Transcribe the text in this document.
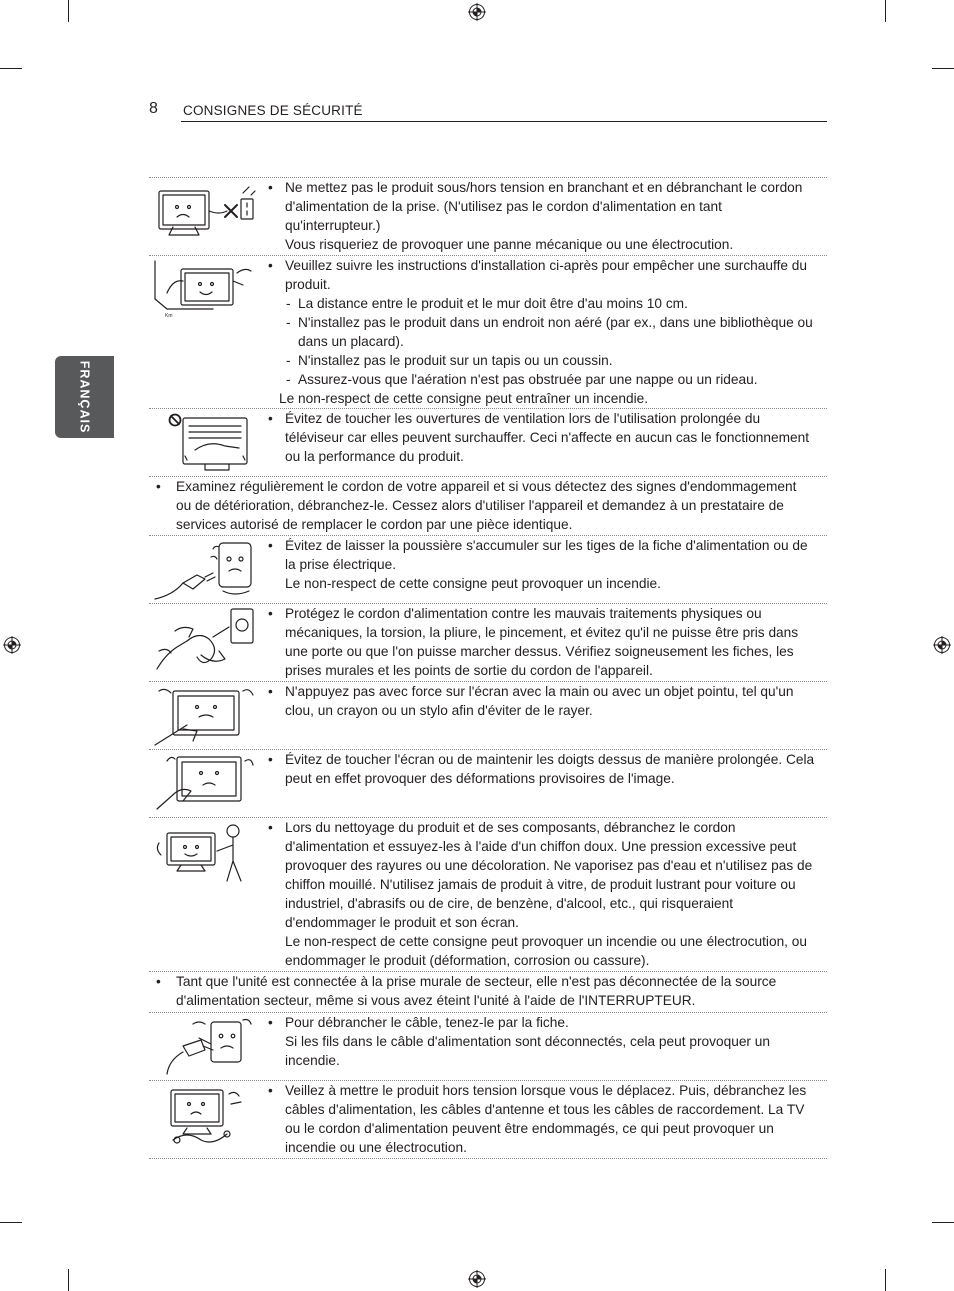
8 CONSIGNES DE SÉCURITÉ
FRANÇAIS
• Ne mettez pas le produit sous/hors tension en branchant et en débranchant le cordon d'alimentation de la prise. (N'utilisez pas le cordon d'alimentation en tant qu'interrupteur.)

Vous risqueriez de provoquer une panne mécanique ou une électrocution.

Km
• Veuillez suivre les instructions d'installation ci-après pour empêcher une surchauffe du produit.

- La distance entre le produit et le mur doit être d'au moins 10 cm.
- N'installez pas le produit dans un endroit non aéré (par ex., dans une bibliothèque ou dans un placard).
- N'installez pas le produit sur un tapis ou un coussin.
- Assurez-vous que l'aération n'est pas obstruée par une nappe ou un rideau.
Le non-respect de cette consigne peut entraîner un incendie.
• Évitez de toucher les ouvertures de ventilation lors de l'utilisation prolongée du téléviseur car elles peuvent surchauffer. Ceci n'affecte en aucun cas le fonctionnement ou la performance du produit.

•	Examinez régulièrement le cordon de votre appareil et si vous détectez des signes d'endommagement ou de détérioration, débranchez-le. Cessez alors d'utiliser l'appareil et demandez à un prestataire de services autorisé de remplacer le cordon par une pièce identique.

• Évitez de laisser la poussière s'accumuler sur les tiges de la fiche d'alimentation ou de la prise électrique.

Le non-respect de cette consigne peut provoquer un incendie.

• Protégez le cordon d'alimentation contre les mauvais traitements physiques ou mécaniques, la torsion, la pliure, le pincement, et évitez qu'il ne puisse être pris dans une porte ou que l'on puisse marcher dessus. Vérifiez soigneusement les fiches, les prises murales et les points de sortie du cordon de l'appareil.

• N'appuyez pas avec force sur l'écran avec la main ou avec un objet pointu, tel qu'un clou, un crayon ou un stylo afin d'éviter de le rayer.

• Évitez de toucher l'écran ou de maintenir les doigts dessus de manière prolongée. Cela peut en effet provoquer des déformations provisoires de l'image.

• Lors du nettoyage du produit et de ses composants, débranchez le cordon d'alimentation et essuyez-les à l'aide d'un chiffon doux. Une pression excessive peut provoquer des rayures ou une décoloration. Ne vaporisez pas d'eau et n'utilisez pas de chiffon mouillé. N'utilisez jamais de produit à vitre, de produit lustrant pour voiture ou industriel, d'abrasifs ou de cire, de benzène, d'alcool, etc., qui risqueraient d'endommager le produit et son écran.

Le non-respect de cette consigne peut provoquer un incendie ou une électrocution, ou endommager le produit (déformation, corrosion ou cassure).

•	Tant que l'unité est connectée à la prise murale de secteur, elle n'est pas déconnectée de la source d'alimentation secteur, même si vous avez éteint l'unité à l'aide de l'INTERRUPTEUR.

• Pour débrancher le câble, tenez-le par la fiche.

Si les fils dans le câble d'alimentation sont déconnectés, cela peut provoquer un incendie.

• Veillez à mettre le produit hors tension lorsque vous le déplacez. Puis, débranchez les câbles d'alimentation, les câbles d'antenne et tous les câbles de raccordement. La TV ou le cordon d'alimentation peuvent être endommagés, ce qui peut provoquer un incendie ou une électrocution.
